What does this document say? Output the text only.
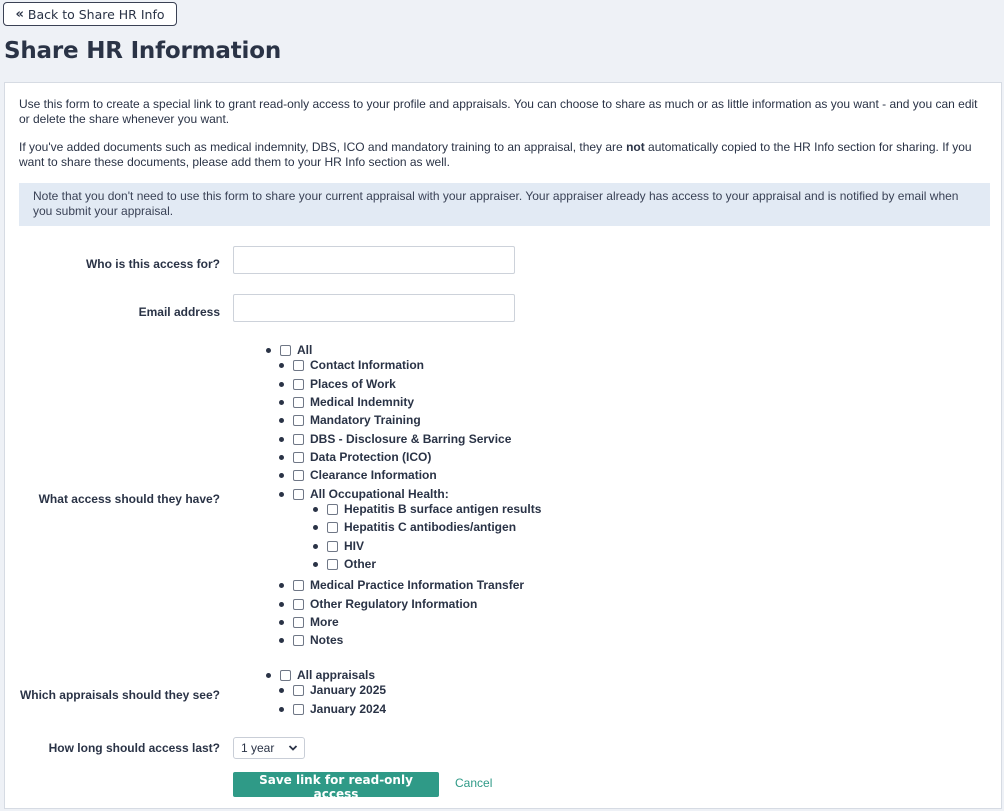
« Back to Share HR Info
Share HR Information

Use this form to create a special link to grant read-only access to your profile and appraisals. You can choose to share as much or as little information as you want - and you can edit or delete the share whenever you want.

If you've added documents such as medical indemnity, DBS, ICO and mandatory training to an appraisal, they are not automatically copied to the HR Info section for sharing. If you want to share these documents, please add them to your HR Info section as well.

Note that you don't need to use this form to share your current appraisal with your appraiser. Your appraiser already has access to your appraisal and is notified by email when you submit your appraisal.
Who is this access for?
Email address
What access should they have?
All
Contact Information
Places of Work
Medical Indemnity
Mandatory Training
DBS - Disclosure & Barring Service
Data Protection (ICO)
Clearance Information
All Occupational Health:
Hepatitis B surface antigen results
Hepatitis C antibodies/antigen
HIV
Other
Medical Practice Information Transfer
Other Regulatory Information
More
Notes
Which appraisals should they see?
All appraisals
January 2025
January 2024
How long should access last? 1 year
Save link for read-only access
Cancel
